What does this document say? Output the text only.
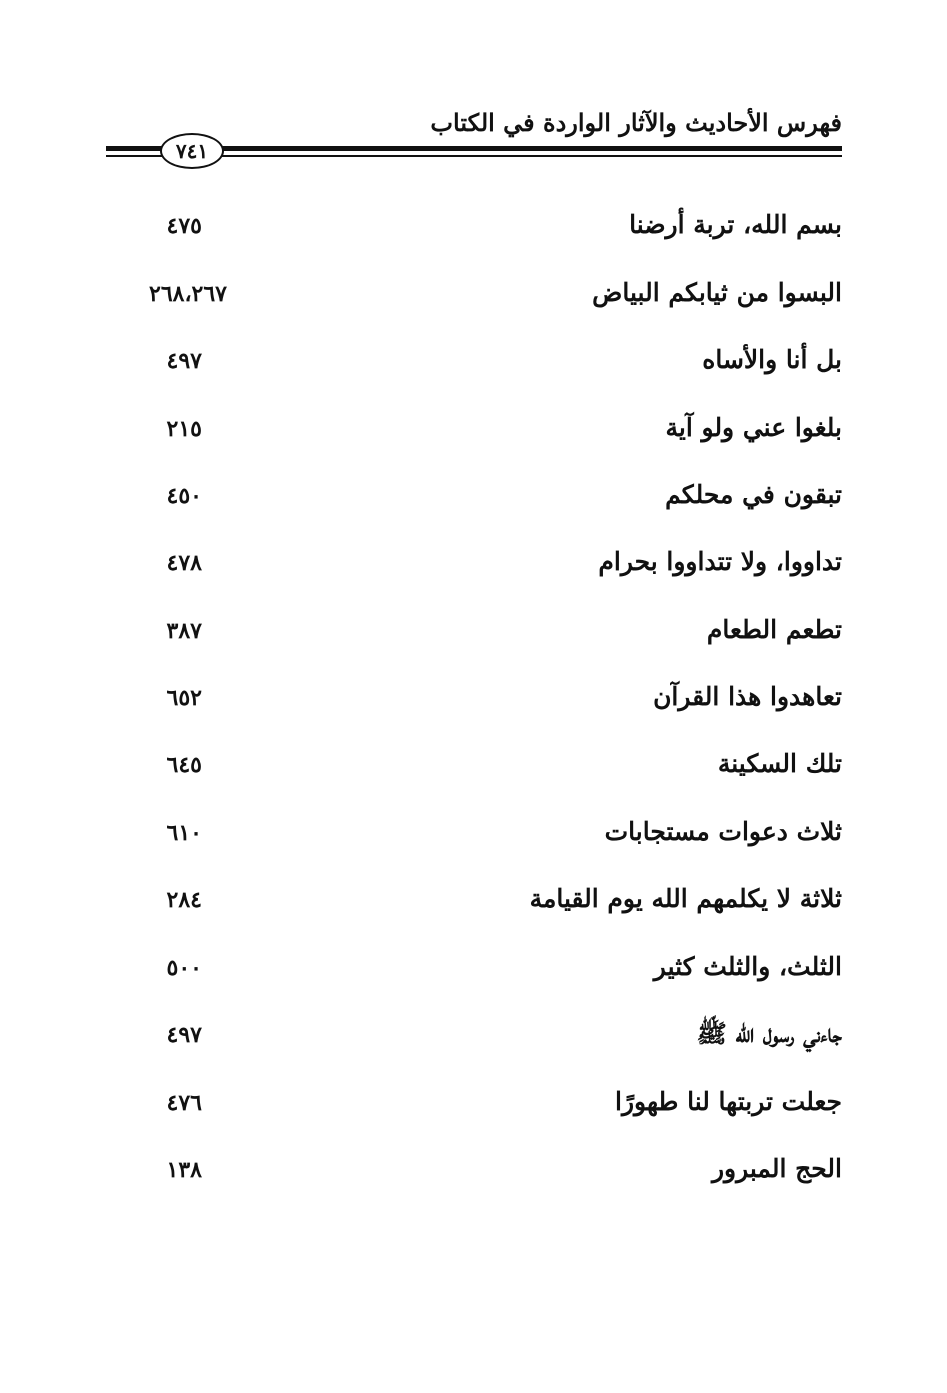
فهرس الأحاديث والآثار الواردة في الكتاب
٧٤١
بسم الله، تربة أرضنا
٤٧٥
البسوا من ثيابكم البياض
٢٦٨،٢٦٧
بل أنا والأساه
٤٩٧
بلغوا عني ولو آية
٢١٥
تبقون في محلكم
٤٥٠
تداووا، ولا تتداووا بحرام
٤٧٨
تطعم الطعام
٣٨٧
تعاهدوا هذا القرآن
٦٥٢
تلك السكينة
٦٤٥
ثلاث دعوات مستجابات
٦١٠
ثلاثة لا يكلمهم الله يوم القيامة
٢٨٤
الثلث، والثلث كثير
٥٠٠
جاءني رسول الله ﷺ
٤٩٧
جعلت تربتها لنا طهورًا
٤٧٦
الحج المبرور
١٣٨
